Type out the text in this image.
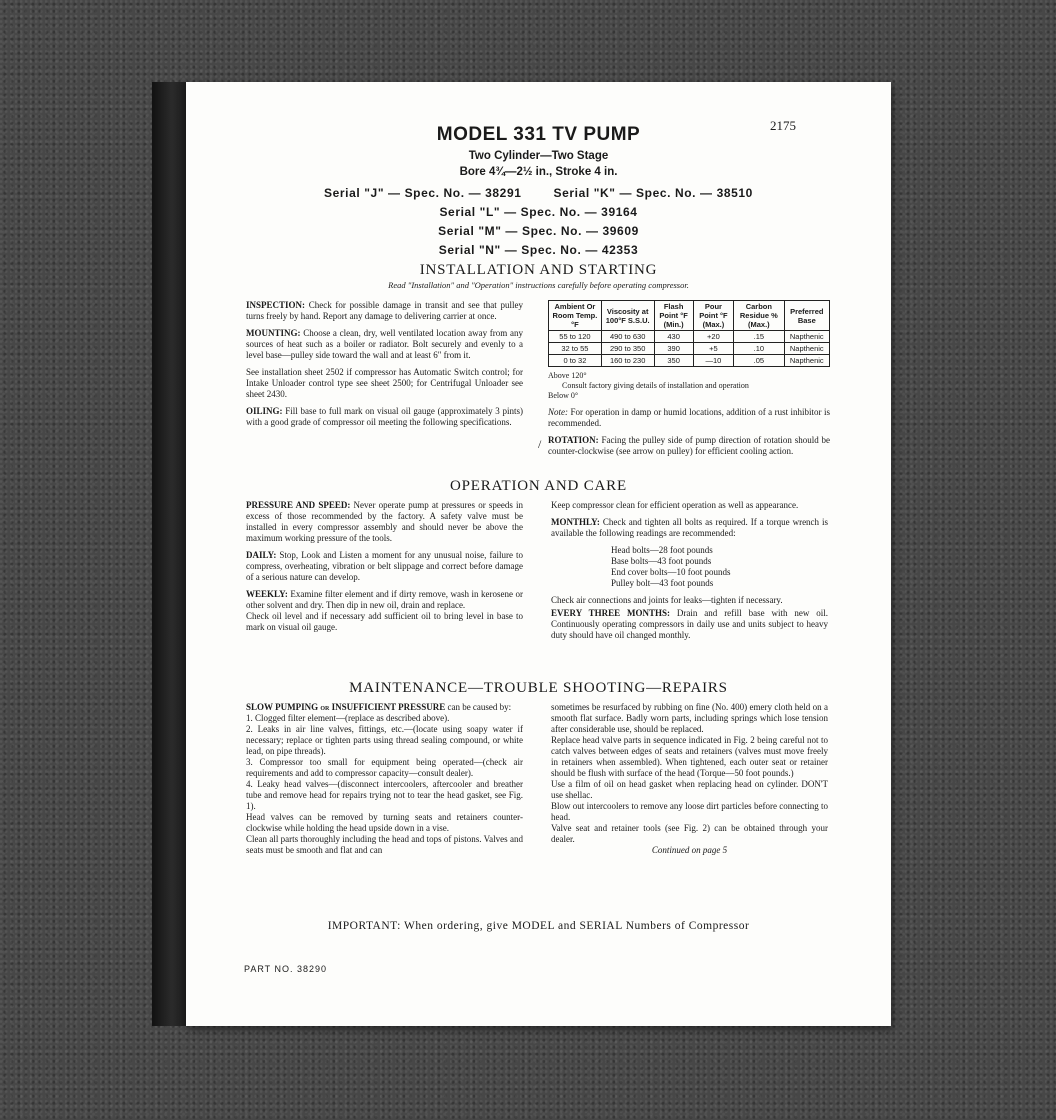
2175
MODEL 331 TV PUMP
Two Cylinder—Two Stage
Bore 4¾—2½ in., Stroke 4 in.
Serial "J" — Spec. No. — 38291	Serial "K" — Spec. No. — 38510
Serial "L" — Spec. No. — 39164
Serial "M" — Spec. No. — 39609
Serial "N" — Spec. No. — 42353
INSTALLATION AND STARTING
Read "Installation" and "Operation" instructions carefully before operating compressor.

INSPECTION: Check for possible damage in transit and see that pulley turns freely by hand. Report any damage to delivering carrier at once.

MOUNTING: Choose a clean, dry, well ventilated location away from any sources of heat such as a boiler or radiator. Bolt securely and evenly to a level base—pulley side toward the wall and at least 6" from it.

See installation sheet 2502 if compressor has Automatic Switch control; for Intake Unloader control type see sheet 2500; for Centrifugal Unloader see sheet 2430.

OILING: Fill base to full mark on visual oil gauge (approximately 3 pints) with a good grade of compressor oil meeting the following specifications.

Ambient Or Room Temp. °F	Viscosity at 100°F S.S.U.	Flash Point °F (Min.)	Pour Point °F (Max.)	Carbon Residue % (Max.)	Preferred Base
55 to 120	490 to 630	430	+20	.15	Napthenic
32 to 55	290 to 350	390	+5	.10	Napthenic
0 to 32	160 to 230	350	—10	.05	Napthenic
Above 120°
Consult factory giving details of installation and operation
Below 0°

Note: For operation in damp or humid locations, addition of a rust inhibitor is recommended.

ROTATION: Facing the pulley side of pump direction of rotation should be counter-clockwise (see arrow on pulley) for efficient cooling action.

OPERATION AND CARE

PRESSURE AND SPEED: Never operate pump at pressures or speeds in excess of those recommended by the factory. A safety valve must be installed in every compressor assembly and should never be above the maximum working pressure of the tools.

DAILY: Stop, Look and Listen a moment for any unusual noise, failure to compress, overheating, vibration or belt slippage and correct before damage of a serious nature can develop.

WEEKLY: Examine filter element and if dirty remove, wash in kerosene or other solvent and dry. Then dip in new oil, drain and replace.

Check oil level and if necessary add sufficient oil to bring level in base to mark on visual oil gauge.

Keep compressor clean for efficient operation as well as appearance.

MONTHLY: Check and tighten all bolts as required. If a torque wrench is available the following readings are recommended:

Head bolts—28 foot pounds
Base bolts—43 foot pounds
End cover bolts—10 foot pounds
Pulley bolt—43 foot pounds

Check air connections and joints for leaks—tighten if necessary.

EVERY THREE MONTHS: Drain and refill base with new oil. Continuously operating compressors in daily use and units subject to heavy duty should have oil changed monthly.

MAINTENANCE—TROUBLE SHOOTING—REPAIRS

SLOW PUMPING or INSUFFICIENT PRESSURE can be caused by:

1. Clogged filter element—(replace as described above).
2. Leaks in air line valves, fittings, etc.—(locate using soapy water if necessary; replace or tighten parts using thread sealing compound, or white lead, on pipe threads).
3. Compressor too small for equipment being operated—(check air requirements and add to compressor capacity—consult dealer).
4. Leaky head valves—(disconnect intercoolers, aftercooler and breather tube and remove head for repairs trying not to tear the head gasket, see Fig. 1).
Head valves can be removed by turning seats and retainers counter-clockwise while holding the head upside down in a vise.
Clean all parts thoroughly including the head and tops of pistons. Valves and seats must be smooth and flat and can
sometimes be resurfaced by rubbing on fine (No. 400) emery cloth held on a smooth flat surface. Badly worn parts, including springs which lose tension after considerable use, should be replaced.
Replace head valve parts in sequence indicated in Fig. 2 being careful not to catch valves between edges of seats and retainers (valves must move freely in retainers when assembled). When tightened, each outer seat or retainer should be flush with surface of the head (Torque—50 foot pounds.)
Use a film of oil on head gasket when replacing head on cylinder. DON'T use shellac.
Blow out intercoolers to remove any loose dirt particles before connecting to head.
Valve seat and retainer tools (see Fig. 2) can be obtained through your dealer.
Continued on page 5
IMPORTANT: When ordering, give MODEL and SERIAL Numbers of Compressor
PART NO. 38290
/
